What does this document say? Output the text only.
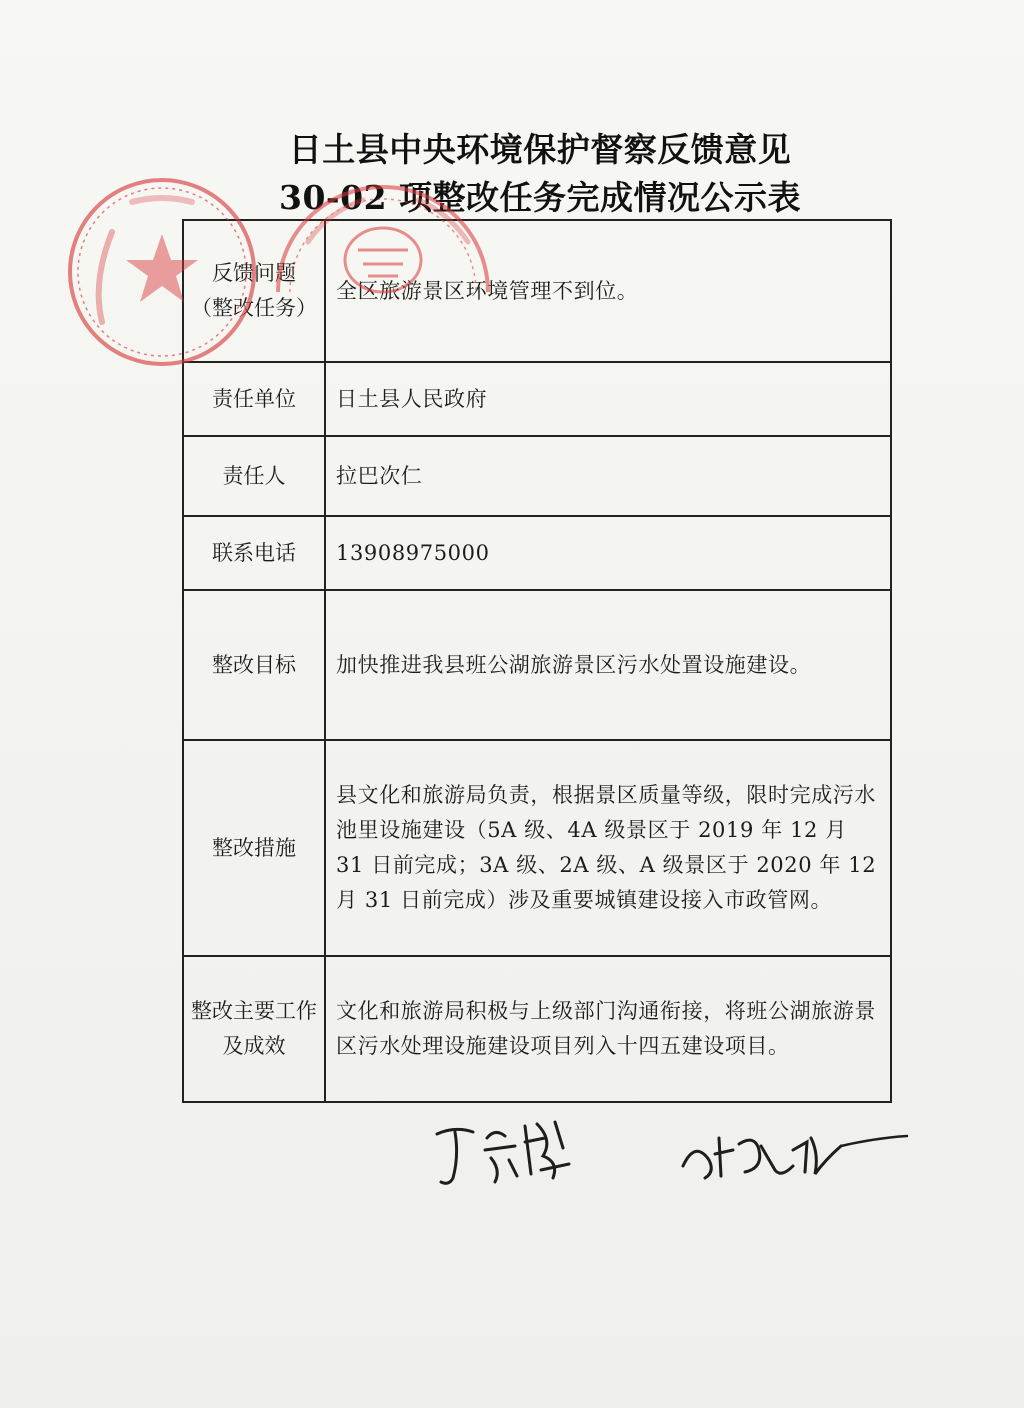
日土县中央环境保护督察反馈意见
30-02 项整改任务完成情况公示表
反馈问题
（整改任务）	全区旅游景区环境管理不到位。
责任单位	日土县人民政府
责任人	拉巴次仁
联系电话	13908975000
整改目标	加快推进我县班公湖旅游景区污水处置设施建设。
整改措施	县文化和旅游局负责，根据景区质量等级，限时完成污水池里设施建设（5A 级、4A 级景区于 2019 年 12 月 31 日前完成；3A 级、2A 级、A 级景区于 2020 年 12 月 31 日前完成）涉及重要城镇建设接入市政管网。
整改主要工作及成效	文化和旅游局积极与上级部门沟通衔接，将班公湖旅游景区污水处理设施建设项目列入十四五建设项目。
